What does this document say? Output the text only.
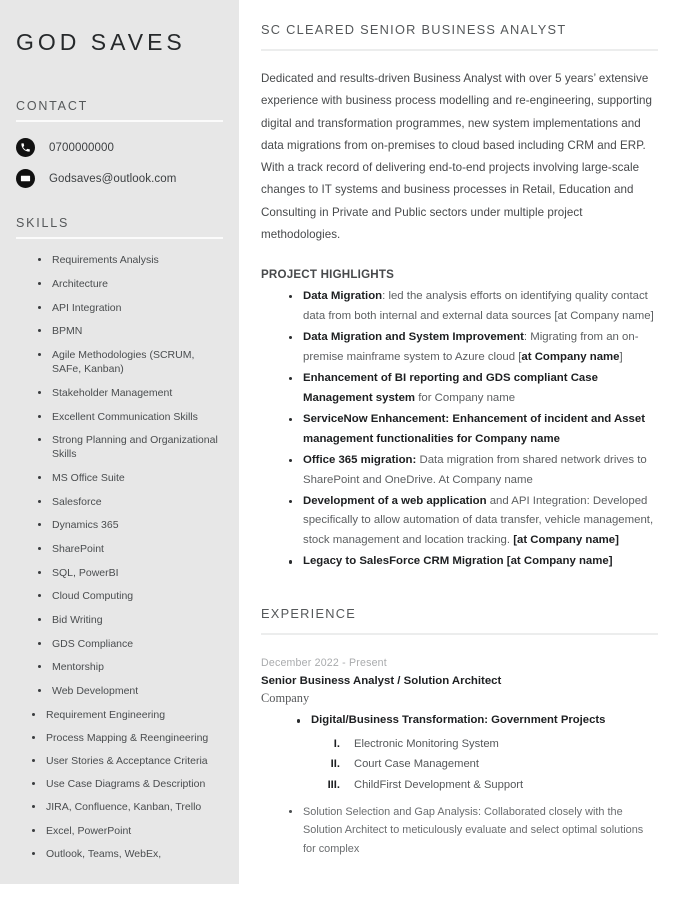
GOD SAVES
CONTACT
0700000000
Godsaves@outlook.com
SKILLS
Requirements Analysis
Architecture
API Integration
BPMN
Agile Methodologies (SCRUM, SAFe, Kanban)
Stakeholder Management
Excellent Communication Skills
Strong Planning and Organizational Skills
MS Office Suite
Salesforce
Dynamics 365
SharePoint
SQL, PowerBI
Cloud Computing
Bid Writing
GDS Compliance
Mentorship
Web Development
Requirement Engineering
Process Mapping & Reengineering
User Stories & Acceptance Criteria
Use Case Diagrams & Description
JIRA, Confluence, Kanban, Trello
Excel, PowerPoint
Outlook, Teams, WebEx,
SC CLEARED SENIOR BUSINESS ANALYST

Dedicated and results-driven Business Analyst with over 5 years’ extensive experience with business process modelling and re-engineering, supporting digital and transformation programmes, new system implementations and data migrations from on-premises to cloud based including CRM and ERP. With a track record of delivering end-to-end projects involving large-scale changes to IT systems and business processes in Retail, Education and Consulting in Private and Public sectors under multiple project methodologies.

PROJECT HIGHLIGHTS
Data Migration: led the analysis efforts on identifying quality contact data from both internal and external data sources [at Company name]
Data Migration and System Improvement: Migrating from an on-premise mainframe system to Azure cloud [at Company name]
Enhancement of BI reporting and GDS compliant Case Management system for Company name
ServiceNow Enhancement: Enhancement of incident and Asset management functionalities for Company name
Office 365 migration: Data migration from shared network drives to SharePoint and OneDrive. At Company name
Development of a web application and API Integration: Developed specifically to allow automation of data transfer, vehicle management, stock management and location tracking. [at Company name]
Legacy to SalesForce CRM Migration [at Company name]
EXPERIENCE

December 2022 - Present

Senior Business Analyst / Solution Architect

Company

Digital/Business Transformation: Government Projects
I. Electronic Monitoring System
II. Court Case Management
III. ChildFirst Development & Support
Solution Selection and Gap Analysis: Collaborated closely with the Solution Architect to meticulously evaluate and select optimal solutions for complex
